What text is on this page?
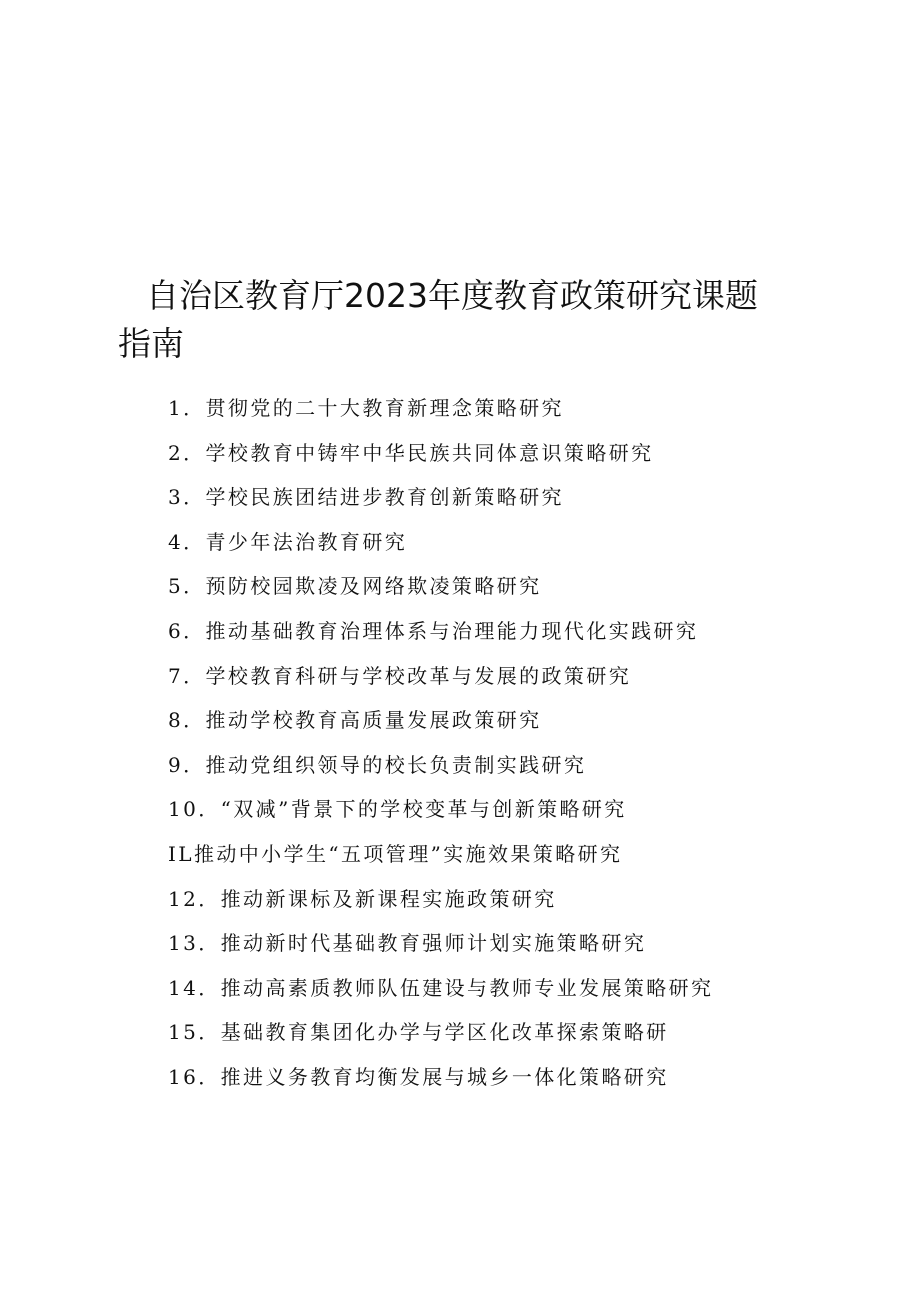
自治区教育厅2023年度教育政策研究课题指南
1．贯彻党的二十大教育新理念策略研究
2．学校教育中铸牢中华民族共同体意识策略研究
3．学校民族团结进步教育创新策略研究
4．青少年法治教育研究
5．预防校园欺凌及网络欺凌策略研究
6．推动基础教育治理体系与治理能力现代化实践研究
7．学校教育科研与学校改革与发展的政策研究
8．推动学校教育高质量发展政策研究
9．推动党组织领导的校长负责制实践研究
10．“双减”背景下的学校变革与创新策略研究
IL推动中小学生“五项管理”实施效果策略研究
12．推动新课标及新课程实施政策研究
13．推动新时代基础教育强师计划实施策略研究
14．推动高素质教师队伍建设与教师专业发展策略研究
15．基础教育集团化办学与学区化改革探索策略研
16．推进义务教育均衡发展与城乡一体化策略研究
